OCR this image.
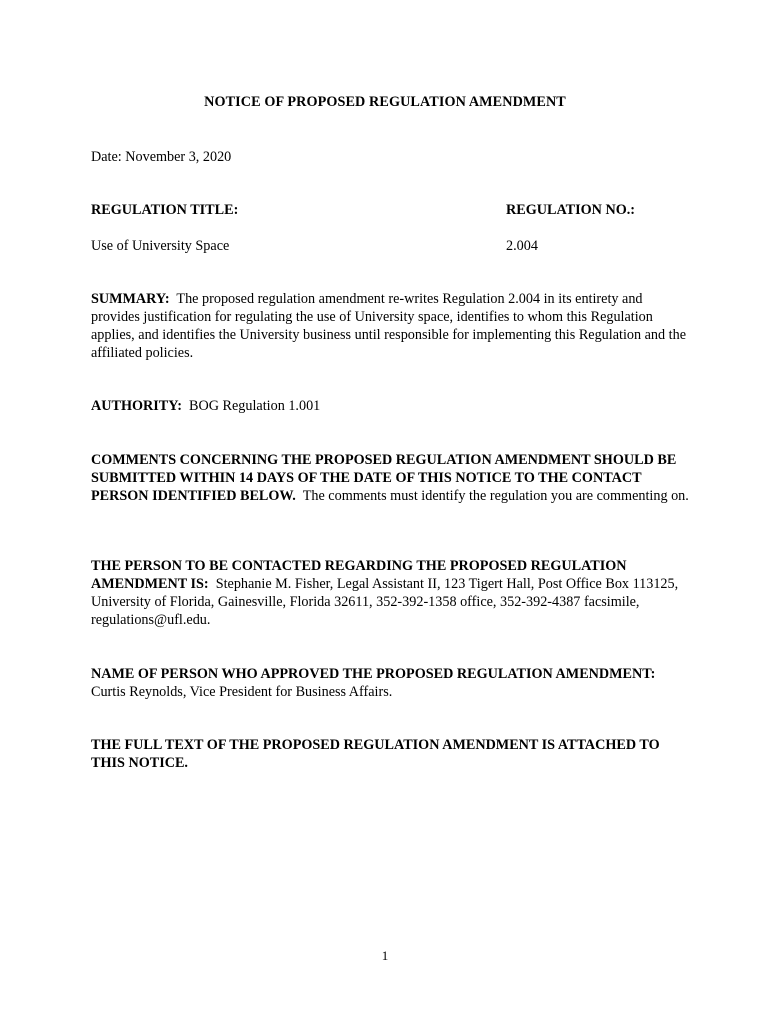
NOTICE OF PROPOSED REGULATION AMENDMENT
Date: November 3, 2020
REGULATION TITLE:	REGULATION NO.:
Use of University Space	2.004
SUMMARY: The proposed regulation amendment re-writes Regulation 2.004 in its entirety and provides justification for regulating the use of University space, identifies to whom this Regulation applies, and identifies the University business until responsible for implementing this Regulation and the affiliated policies.
AUTHORITY: BOG Regulation 1.001
COMMENTS CONCERNING THE PROPOSED REGULATION AMENDMENT SHOULD BE SUBMITTED WITHIN 14 DAYS OF THE DATE OF THIS NOTICE TO THE CONTACT PERSON IDENTIFIED BELOW. The comments must identify the regulation you are commenting on.
THE PERSON TO BE CONTACTED REGARDING THE PROPOSED REGULATION AMENDMENT IS: Stephanie M. Fisher, Legal Assistant II, 123 Tigert Hall, Post Office Box 113125, University of Florida, Gainesville, Florida 32611, 352-392-1358 office, 352-392-4387 facsimile, regulations@ufl.edu.
NAME OF PERSON WHO APPROVED THE PROPOSED REGULATION AMENDMENT:  Curtis Reynolds, Vice President for Business Affairs.
THE FULL TEXT OF THE PROPOSED REGULATION AMENDMENT IS ATTACHED TO THIS NOTICE.
1
